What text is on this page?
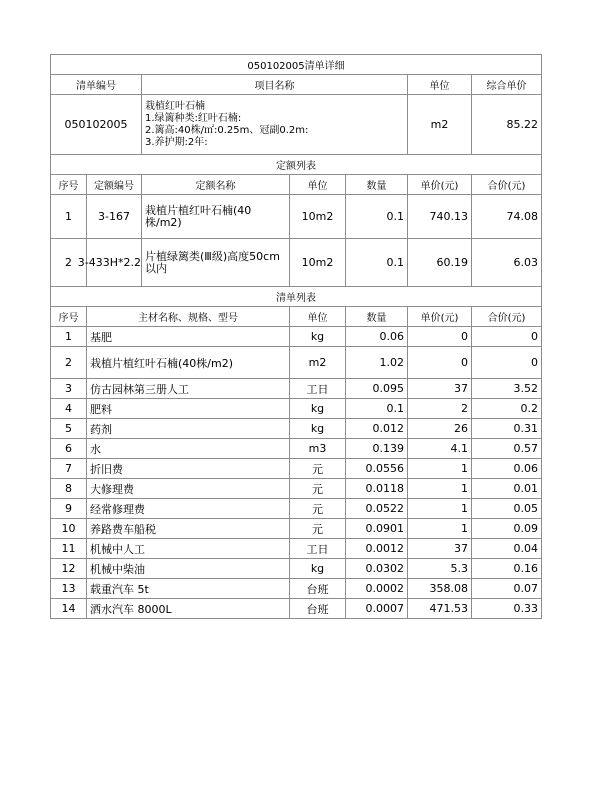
050102005清单详细						
清单编号		项目名称			单位	综合单价
050102005		栽植红叶石楠
1.绿篱种类:红叶石楠:
2.篱高:40株/㎡:0.25m、冠副0.2m:
3.养护期:2年:			m2	85.22
定额列表						
序号	定额编号	定额名称	单位	数量	单价(元)	合价(元)
1	3-167	栽植片植红叶石楠(40株/m2)	10m2	0.1	740.13	74.08
2	3-433H*2.2	片植绿篱类(Ⅲ级)高度50cm以内	10m2	0.1	60.19	6.03
清单列表						
序号	主材名称、规格、型号		单位	数量	单价(元)	合价(元)
1	基肥		kg	0.06	0	0
2	栽植片植红叶石楠(40株/m2)		m2	1.02	0	0
3	仿古园林第三册人工		工日	0.095	37	3.52
4	肥料		kg	0.1	2	0.2
5	药剂		kg	0.012	26	0.31
6	水		m3	0.139	4.1	0.57
7	折旧费		元	0.0556	1	0.06
8	大修理费		元	0.0118	1	0.01
9	经常修理费		元	0.0522	1	0.05
10	养路费车船税		元	0.0901	1	0.09
11	机械中人工		工日	0.0012	37	0.04
12	机械中柴油		kg	0.0302	5.3	0.16
13	载重汽车 5t		台班	0.0002	358.08	0.07
14	洒水汽车 8000L		台班	0.0007	471.53	0.33
